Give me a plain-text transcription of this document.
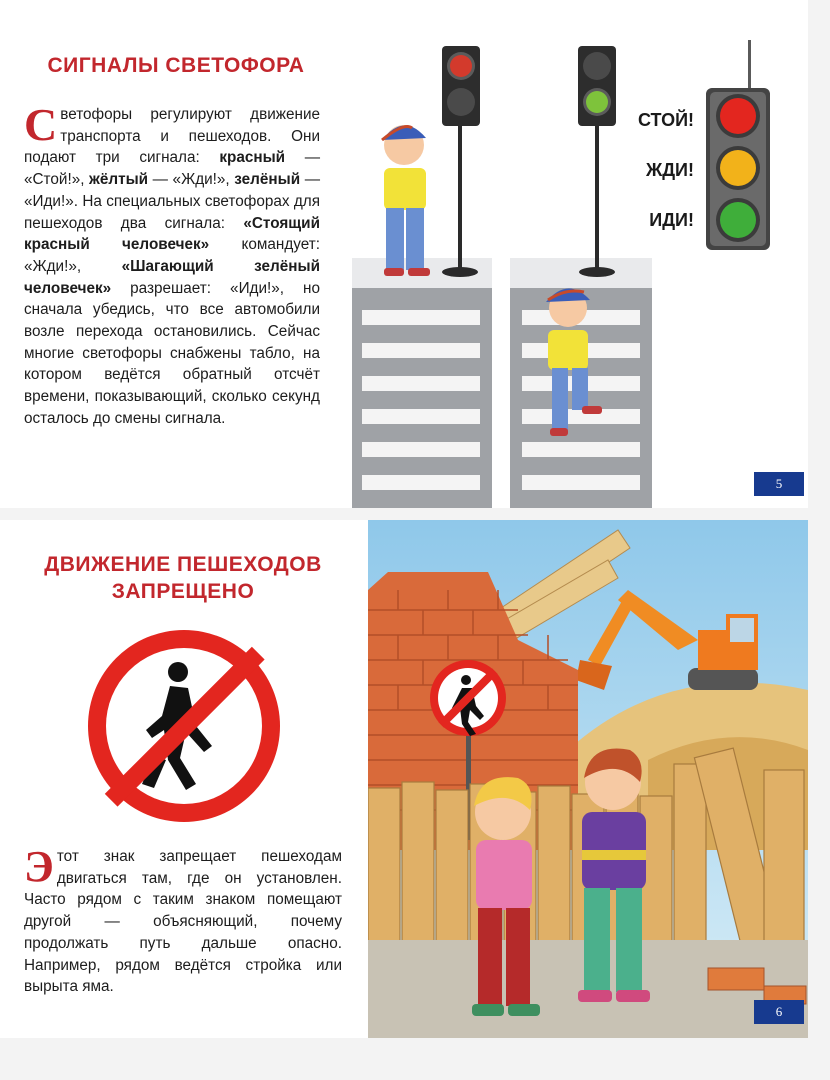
СИГНАЛЫ СВЕТОФОРА

Светофоры регулируют движение транспорта и пешеходов. Они подают три сигнала: красный — «Стой!», жёлтый — «Жди!», зелёный — «Иди!». На специальных светофорах для пешеходов два сигнала: «Стоящий красный человечек» командует: «Жди!», «Шагающий зелёный человечек» разрешает: «Иди!», но сначала убедись, что все автомобили возле перехода остановились. Сейчас многие светофоры снабжены табло, на котором ведётся обратный отсчёт времени, показывающий, сколько секунд осталось до смены сигнала.

СТОЙ!
ЖДИ!
ИДИ!
5
ДВИЖЕНИЕ ПЕШЕХОДОВ ЗАПРЕЩЕНО

Этот знак запрещает пешеходам двигаться там, где он установлен. Часто рядом с таким знаком помещают другой — объясняющий, почему продолжать путь дальше опасно. Например, рядом ведётся стройка или вырыта яма.

6
